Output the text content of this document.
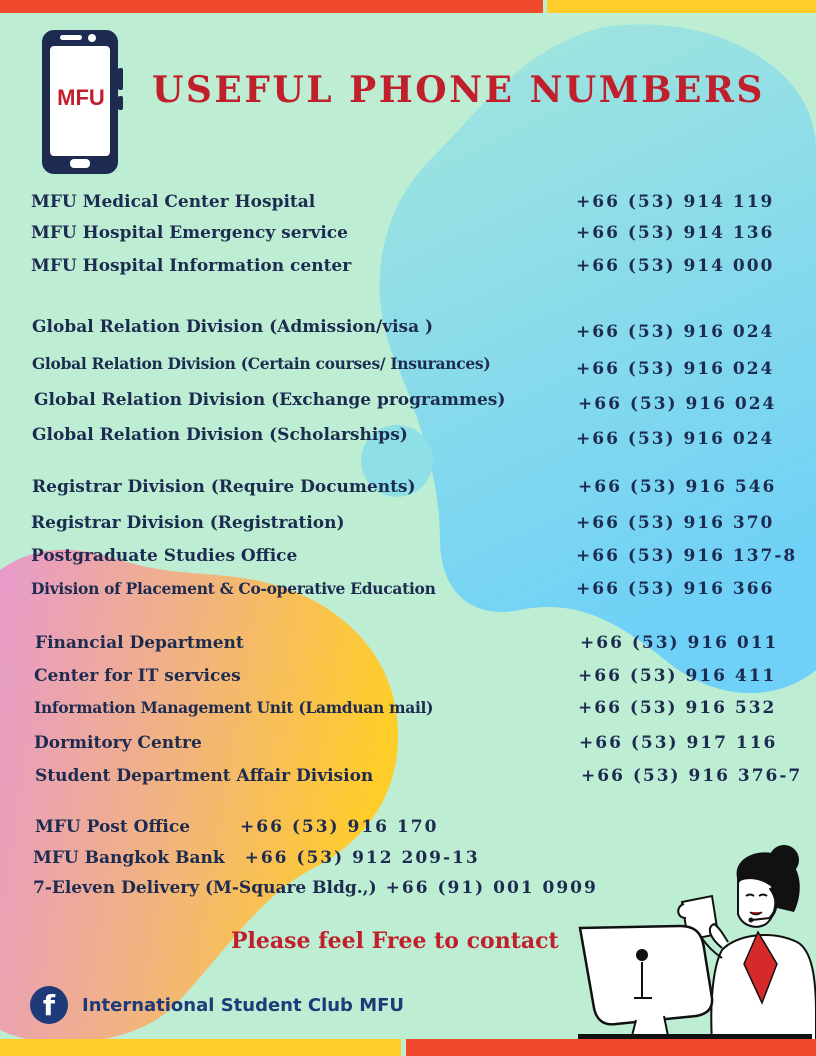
MFU USEFUL PHONE NUMBERS
MFU Medical Center Hospital	+66 (53) 914 119
MFU Hospital Emergency service	+66 (53) 914 136
MFU Hospital Information center	+66 (53) 914 000
Global Relation Division (Admission/visa )	+66 (53) 916 024
Global Relation Division (Certain courses/ Insurances)	+66 (53) 916 024
Global Relation Division (Exchange programmes)	+66 (53) 916 024
Global Relation Division (Scholarships)	+66 (53) 916 024
Registrar Division (Require Documents)	+66 (53) 916 546
Registrar Division (Registration)	+66 (53) 916 370
Postgraduate Studies Office	+66 (53) 916 137-8
Division of Placement & Co-operative Education	+66 (53) 916 366
Financial Department	+66 (53) 916 011
Center for IT services	+66 (53) 916 411
Information Management Unit (Lamduan mail)	+66 (53) 916 532
Dormitory Centre	+66 (53) 917 116
Student Department Affair Division	+66 (53) 916 376-7
MFU Post Office	+66 (53) 916 170
MFU Bangkok Bank +66 (53) 912 209-13
7-Eleven Delivery (M-Square Bldg.,) +66 (91) 001 0909
Please feel Free to contact
f	International Student Club MFU
